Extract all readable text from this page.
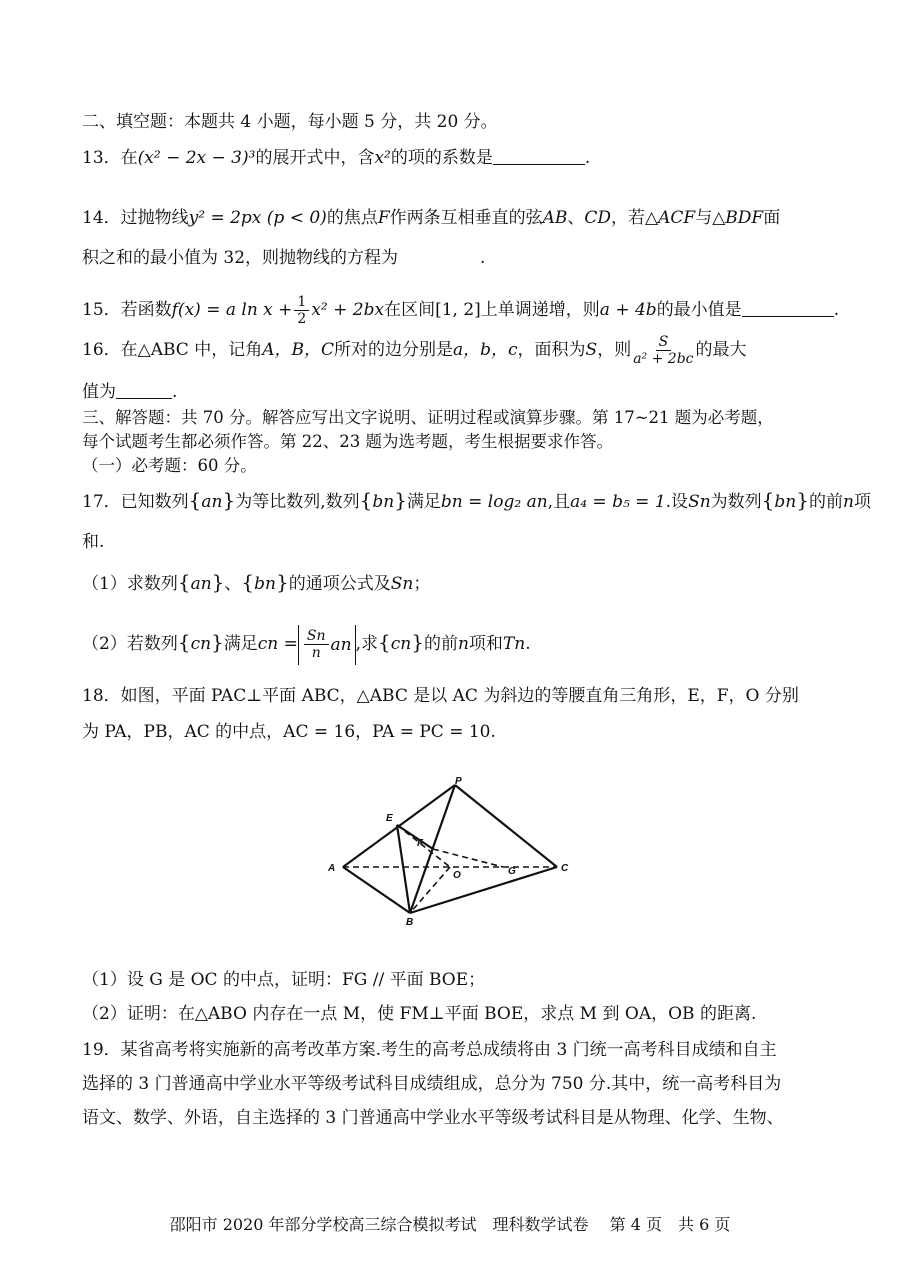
二、填空题：本题共 4 小题，每小题 5 分，共 20 分。
13．在(x² − 2x − 3)³的展开式中，含x²的项的系数是	.
14．过抛物线y² = 2px (p < 0)的焦点F作两条互相垂直的弦AB、CD，若△ACF与△BDF面
积之和的最小值为 32，则抛物线的方程为	.
15．若函数f(x) = a $\ln x + \frac{1}{2} x^2 + 2bx$在区间[1, 2]上单调递增，则a + 4b的最小值是	.
16．在△ABC 中，记角A，B，C所对的边分别是a，b，c，面积为S，则 $\frac{S}{\text{a² + 2bc}}$ 的最大
值为	.
三、解答题：共 70 分。解答应写出文字说明、证明过程或演算步骤。第 17~21 题为必考题，
每个试题考生都必须作答。第 22、23 题为选考题，考生根据要求作答。
（一）必考题：60 分。
17．已知数列{an}为等比数列,数列{bn}满足bn = log₂ an,且a₄ = b₅ = 1.设Sn为数列{bn}的前n项
和.
（1）求数列{an}、{bn}的通项公式及Sn；
（2）若数列{cn}满足cn = $\frac{Sn}{n}$ an ,求{cn}的前n项和Tn.
18．如图，平面 PAC⊥平面 ABC，△ABC 是以 AC 为斜边的等腰直角三角形，E，F，O 分别
为 PA，PB，AC 的中点，AC = 16，PA = PC = 10.
P
E
F
A
O	G	C
B
（1）设 G 是 OC 的中点，证明：FG // 平面 BOE；
（2）证明：在△ABO 内存在一点 M，使 FM⊥平面 BOE，求点 M 到 OA，OB 的距离.
19．某省高考将实施新的高考改革方案.考生的高考总成绩将由 3 门统一高考科目成绩和自主
选择的 3 门普通高中学业水平等级考试科目成绩组成，总分为 750 分.其中，统一高考科目为
语文、数学、外语，自主选择的 3 门普通高中学业水平等级考试科目是从物理、化学、生物、
邵阳市 2020 年部分学校高三综合模拟考试　理科数学试卷　 第 4 页　共 6 页
